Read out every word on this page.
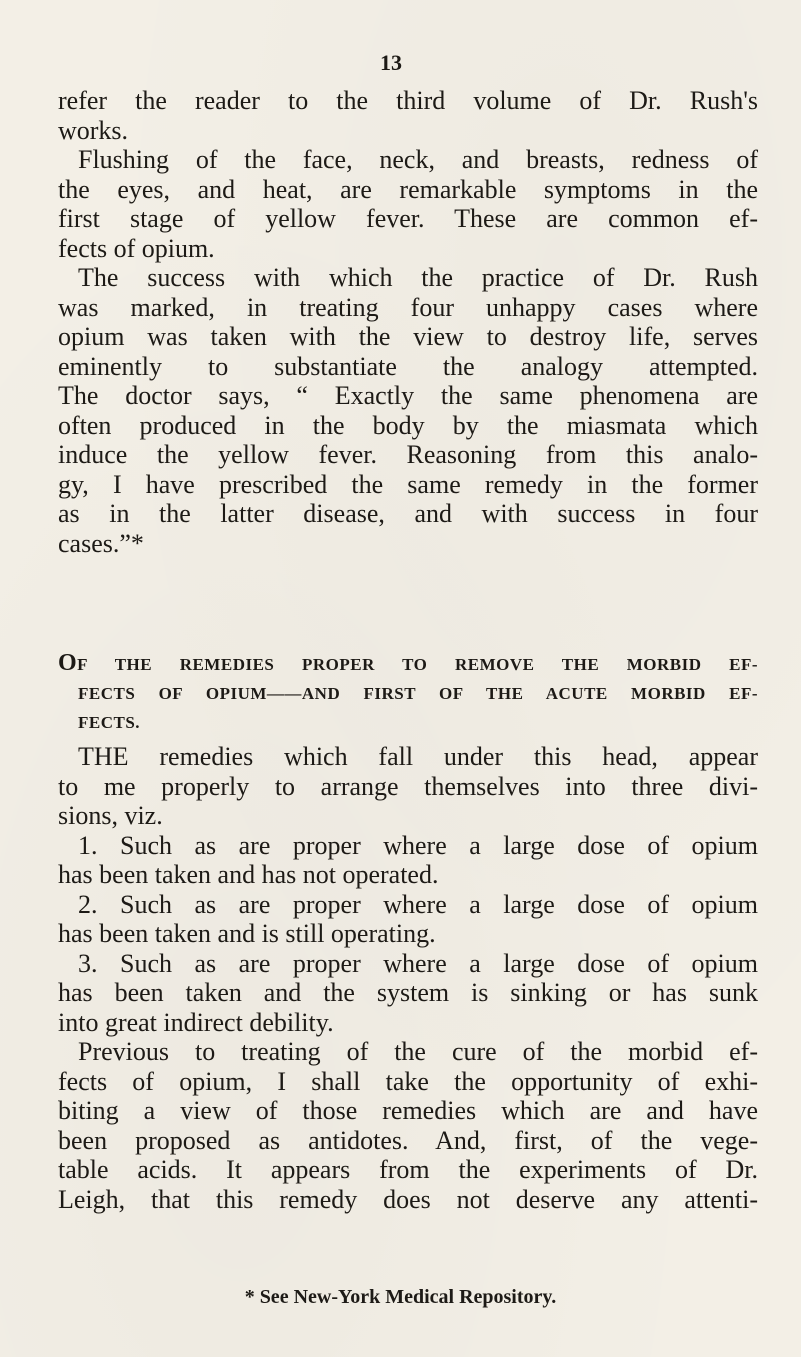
13
refer the reader to the third volume of Dr. Rush's
works.
Flushing of the face, neck, and breasts, redness of
the eyes, and heat, are remarkable symptoms in the
first stage of yellow fever. These are common ef-
fects of opium.
The success with which the practice of Dr. Rush
was marked, in treating four unhappy cases where
opium was taken with the view to destroy life, serves
eminently to substantiate the analogy attempted.
The doctor says, “ Exactly the same phenomena are
often produced in the body by the miasmata which
induce the yellow fever. Reasoning from this analo-
gy, I have prescribed the same remedy in the former
as in the latter disease, and with success in four
cases.”*
OF THE REMEDIES PROPER TO REMOVE THE MORBID EF-
FECTS OF OPIUM——AND FIRST OF THE ACUTE MORBID EF-
FECTS.
THE remedies which fall under this head, appear
to me properly to arrange themselves into three divi-
sions, viz.
1. Such as are proper where a large dose of opium
has been taken and has not operated.
2. Such as are proper where a large dose of opium
has been taken and is still operating.
3. Such as are proper where a large dose of opium
has been taken and the system is sinking or has sunk
into great indirect debility.
Previous to treating of the cure of the morbid ef-
fects of opium, I shall take the opportunity of exhi-
biting a view of those remedies which are and have
been proposed as antidotes. And, first, of the vege-
table acids. It appears from the experiments of Dr.
Leigh, that this remedy does not deserve any attenti-
* See New-York Medical Repository.
